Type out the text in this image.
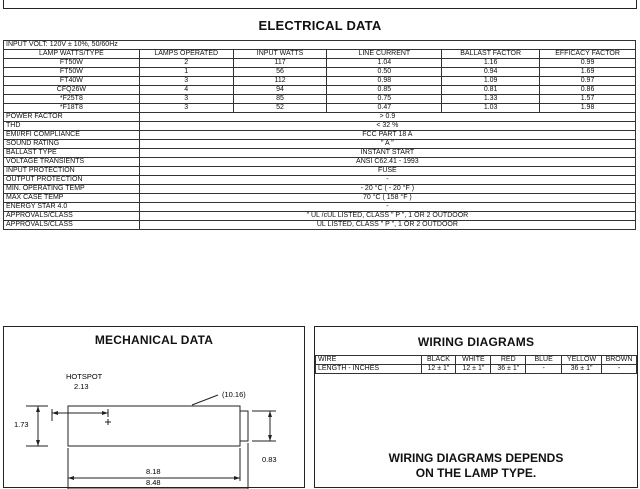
ELECTRICAL DATA
INPUT VOLT: 120V ± 10%, 50/60Hz					
LAMP WATTS/TYPE	LAMPS OPERATED	INPUT WATTS	LINE CURRENT	BALLAST FACTOR	EFFICACY FACTOR
FT50W	2	117	1.04	1.16	0.99
FT50W	1	56	0.50	0.94	1.69
FT40W	3	112	0.98	1.09	0.97
CFQ26W	4	94	0.85	0.81	0.86
*F25T8	3	85	0.75	1.33	1.57
*F18T8	3	52	0.47	1.03	1.98
POWER FACTOR	> 0.9				
THD	< 32 %				
EMI/RFI COMPLIANCE	FCC PART 18 A				
SOUND RATING	" A "				
BALLAST TYPE	INSTANT START				
VOLTAGE TRANSIENTS	ANSI C62.41 - 1993				
INPUT PROTECTION	FUSE				
OUTPUT PROTECTION	-				
MIN. OPERATING TEMP	- 20 °C ( - 20 °F )				
MAX CASE TEMP	70 °C ( 158 °F )				
ENERGY STAR 4.0	-				
APPROVALS/CLASS	" UL /cUL LISTED, CLASS " P ", 1 OR 2 OUTDOOR				
APPROVALS/CLASS	UL LISTED, CLASS " P ", 1 OR 2 OUTDOOR				
MECHANICAL DATA
HOTSPOT
2.13
(10.16)
1.73
0.83
8.18
8.48
WIRING DIAGRAMS
WIRE	BLACK	WHITE	RED	BLUE	YELLOW	BROWN
LENGTH - INCHES	12 ± 1"	12 ± 1"	36 ± 1"	-	36 ± 1"	-
WIRING DIAGRAMS DEPENDS
ON THE LAMP TYPE.
